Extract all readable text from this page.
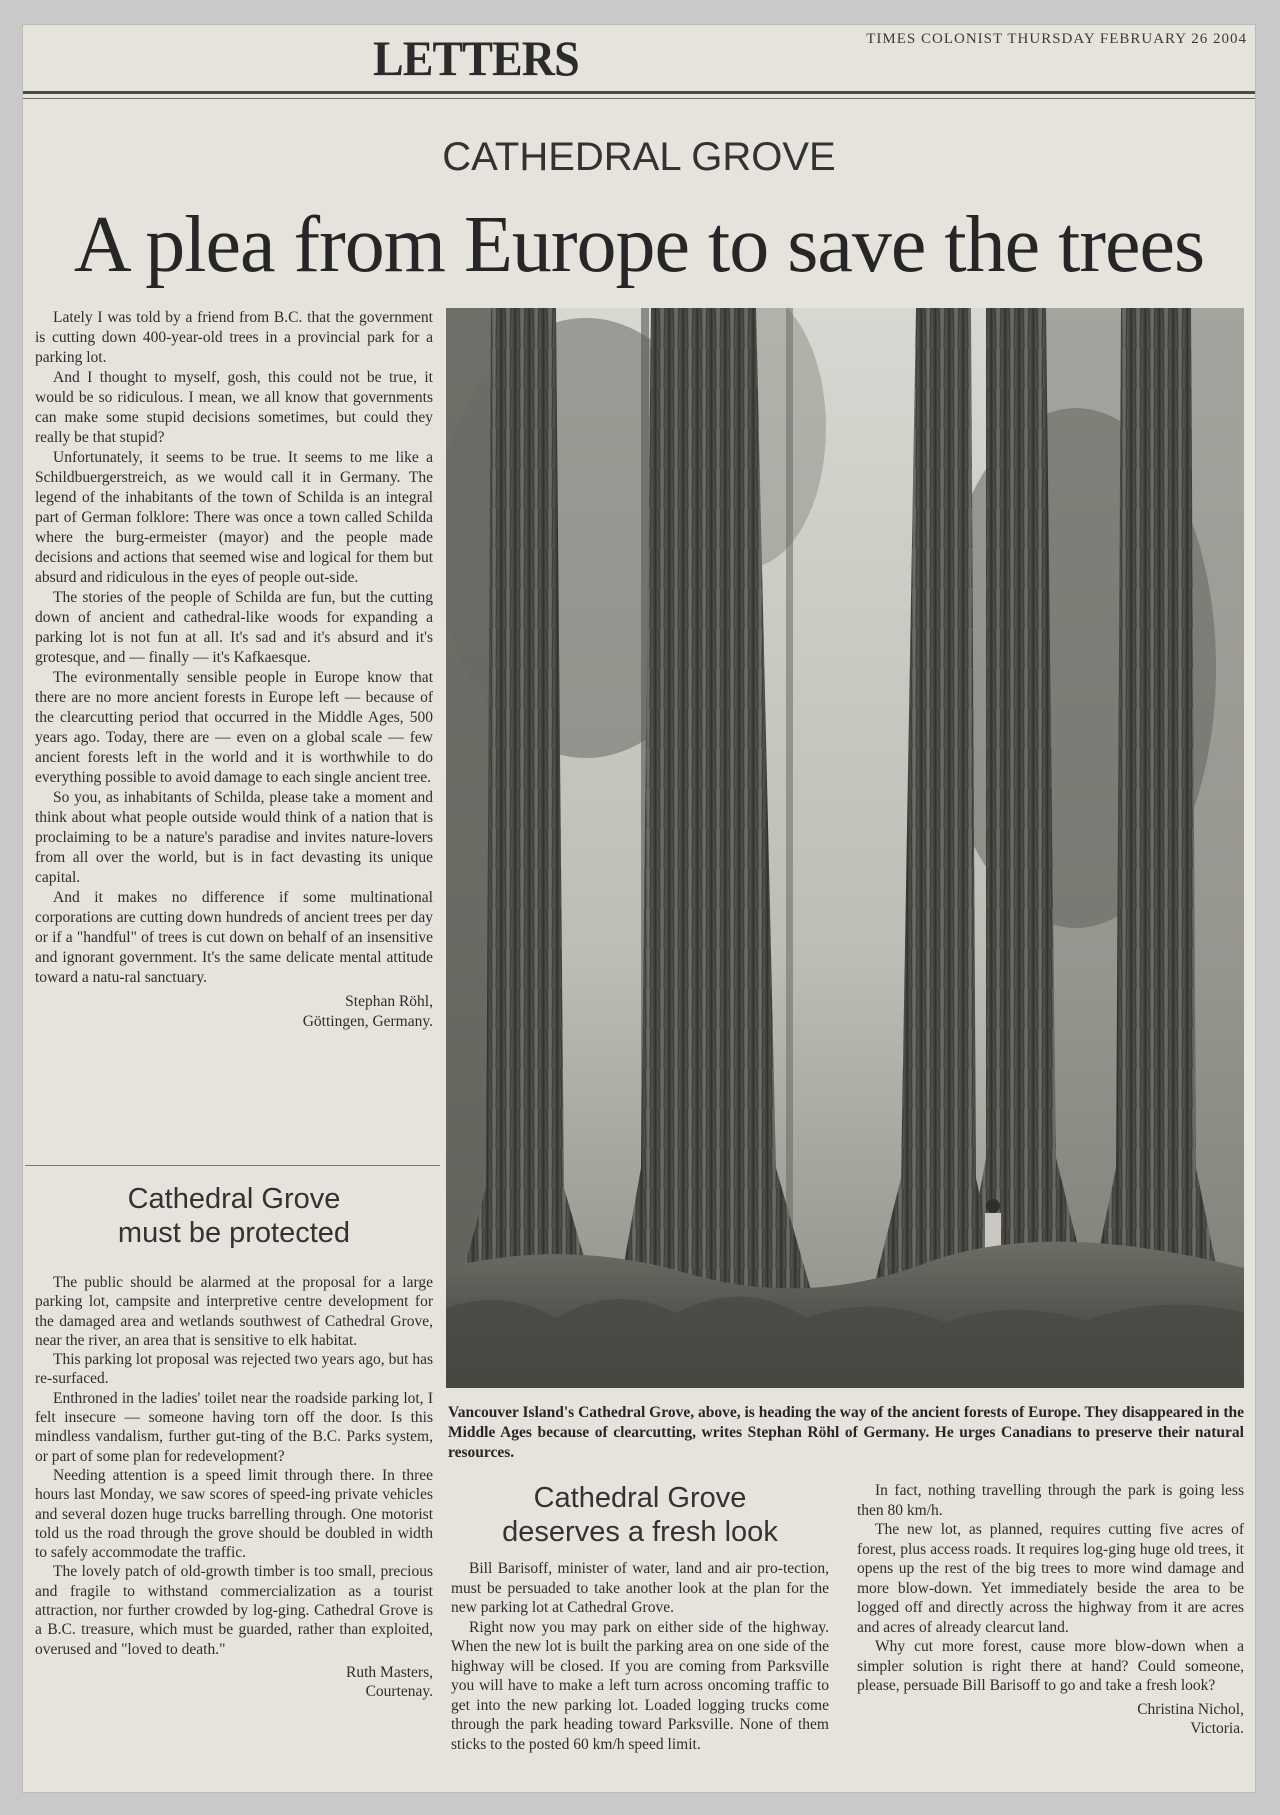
LETTERS	TIMES COLONIST THURSDAY FEBRUARY 26 2004
CATHEDRAL GROVE
A plea from Europe to save the trees

Lately I was told by a friend from B.C. that the government is cutting down 400-year-old trees in a provincial park for a parking lot.

And I thought to myself, gosh, this could not be true, it would be so ridiculous. I mean, we all know that governments can make some stupid decisions sometimes, but could they really be that stupid?

Unfortunately, it seems to be true. It seems to me like a Schildbuergerstreich, as we would call it in Germany. The legend of the inhabitants of the town of Schilda is an integral part of German folklore: There was once a town called Schilda where the burg-ermeister (mayor) and the people made decisions and actions that seemed wise and logical for them but absurd and ridiculous in the eyes of people out-side.

The stories of the people of Schilda are fun, but the cutting down of ancient and cathedral-like woods for expanding a parking lot is not fun at all. It's sad and it's absurd and it's grotesque, and — finally — it's Kafkaesque.

The evironmentally sensible people in Europe know that there are no more ancient forests in Europe left — because of the clearcutting period that occurred in the Middle Ages, 500 years ago. Today, there are — even on a global scale — few ancient forests left in the world and it is worthwhile to do everything possible to avoid damage to each single ancient tree.

So you, as inhabitants of Schilda, please take a moment and think about what people outside would think of a nation that is proclaiming to be a nature's paradise and invites nature-lovers from all over the world, but is in fact devasting its unique capital.

And it makes no difference if some multinational corporations are cutting down hundreds of ancient trees per day or if a "handful" of trees is cut down on behalf of an insensitive and ignorant government. It's the same delicate mental attitude toward a natu-ral sanctuary.

Stephan Röhl,

Göttingen, Germany.

Cathedral Grove
must be protected

The public should be alarmed at the proposal for a large parking lot, campsite and interpretive centre development for the damaged area and wetlands southwest of Cathedral Grove, near the river, an area that is sensitive to elk habitat.

This parking lot proposal was rejected two years ago, but has re-surfaced.

Enthroned in the ladies' toilet near the roadside parking lot, I felt insecure — someone having torn off the door. Is this mindless vandalism, further gut-ting of the B.C. Parks system, or part of some plan for redevelopment?

Needing attention is a speed limit through there. In three hours last Monday, we saw scores of speed-ing private vehicles and several dozen huge trucks barrelling through. One motorist told us the road through the grove should be doubled in width to safely accommodate the traffic.

The lovely patch of old-growth timber is too small, precious and fragile to withstand commercialization as a tourist attraction, nor further crowded by log-ging. Cathedral Grove is a B.C. treasure, which must be guarded, rather than exploited, overused and "loved to death."

Ruth Masters,

Courtenay.

Vancouver Island's Cathedral Grove, above, is heading the way of the ancient forests of Europe. They disappeared in the Middle Ages because of clearcutting, writes Stephan Röhl of Germany. He urges Canadians to preserve their natural resources.
Cathedral Grove
deserves a fresh look

Bill Barisoff, minister of water, land and air pro-tection, must be persuaded to take another look at the plan for the new parking lot at Cathedral Grove.

Right now you may park on either side of the highway. When the new lot is built the parking area on one side of the highway will be closed. If you are coming from Parksville you will have to make a left turn across oncoming traffic to get into the new parking lot. Loaded logging trucks come through the park heading toward Parksville. None of them sticks to the posted 60 km/h speed limit.

In fact, nothing travelling through the park is going less then 80 km/h.

The new lot, as planned, requires cutting five acres of forest, plus access roads. It requires log-ging huge old trees, it opens up the rest of the big trees to more wind damage and more blow-down. Yet immediately beside the area to be logged off and directly across the highway from it are acres and acres of already clearcut land.

Why cut more forest, cause more blow-down when a simpler solution is right there at hand? Could someone, please, persuade Bill Barisoff to go and take a fresh look?

Christina Nichol,

Victoria.
